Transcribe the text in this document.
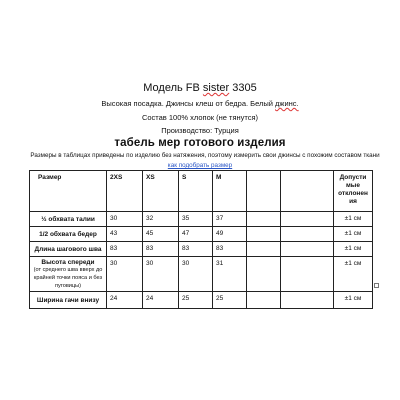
Модель FB sister 3305
Высокая посадка. Джинсы клеш от бедра. Белый джинс.
Состав 100% хлопок (не тянутся)
Производство: Турция
табель мер готового изделия
Размеры в таблицах приведены по изделию без натяжения, поэтому измерить свои джинсы с похожим составом ткани
как подобрать размер
Размер	2XS	XS	S	M			Допусти мые отклонен ия
½ обхвата талии	30	32	35	37			±1 см
1/2 обхвата бедер	43	45	47	49			±1 см
Длина шагового шва	83	83	83	83			±1 см
Высота спереди
(от среднего шва вверх до крайней точки пояса и без пуговицы)	30	30	30	31			±1 см
Ширина гачи внизу	24	24	25	25			±1 см
